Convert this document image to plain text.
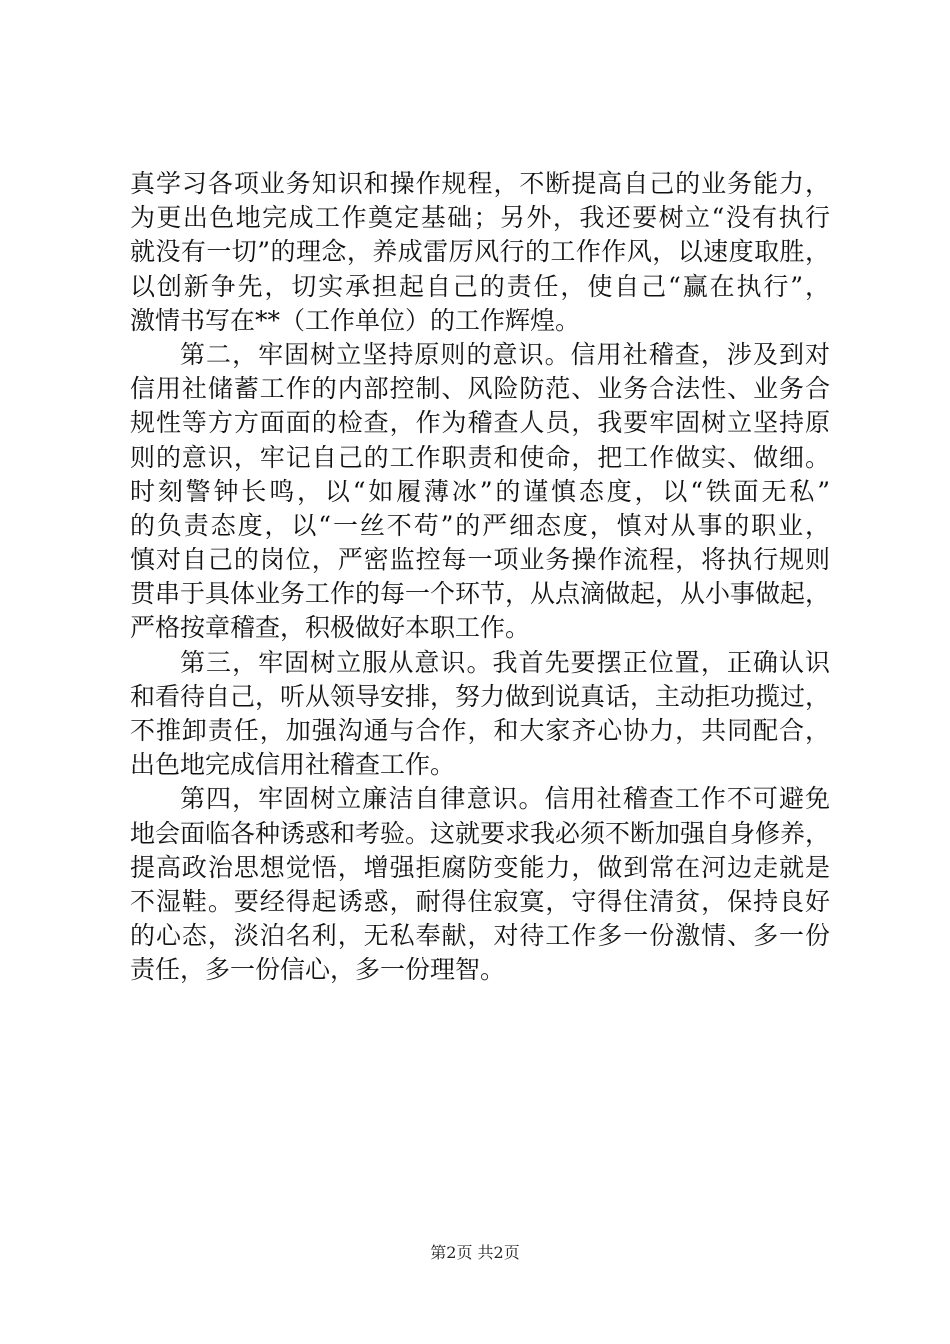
真学习各项业务知识和操作规程，不断提高自己的业务能力，
为更出色地完成工作奠定基础；另外，我还要树立“没有执行
就没有一切”的理念，养成雷厉风行的工作作风，以速度取胜，
以创新争先，切实承担起自己的责任，使自己“赢在执行”，
激情书写在**（工作单位）的工作辉煌。
第二，牢固树立坚持原则的意识。信用社稽查，涉及到对
信用社储蓄工作的内部控制、风险防范、业务合法性、业务合
规性等方方面面的检查，作为稽查人员，我要牢固树立坚持原
则的意识，牢记自己的工作职责和使命，把工作做实、做细。
时刻警钟长鸣，以“如履薄冰”的谨慎态度，以“铁面无私”
的负责态度，以“一丝不苟”的严细态度，慎对从事的职业，
慎对自己的岗位，严密监控每一项业务操作流程，将执行规则
贯串于具体业务工作的每一个环节，从点滴做起，从小事做起，
严格按章稽查，积极做好本职工作。
第三，牢固树立服从意识。我首先要摆正位置，正确认识
和看待自己，听从领导安排，努力做到说真话，主动拒功揽过，
不推卸责任，加强沟通与合作，和大家齐心协力，共同配合，
出色地完成信用社稽查工作。
第四，牢固树立廉洁自律意识。信用社稽查工作不可避免
地会面临各种诱惑和考验。这就要求我必须不断加强自身修养，
提高政治思想觉悟，增强拒腐防变能力，做到常在河边走就是
不湿鞋。要经得起诱惑，耐得住寂寞，守得住清贫，保持良好
的心态，淡泊名利，无私奉献，对待工作多一份激情、多一份
责任，多一份信心，多一份理智。
第2页 共2页
